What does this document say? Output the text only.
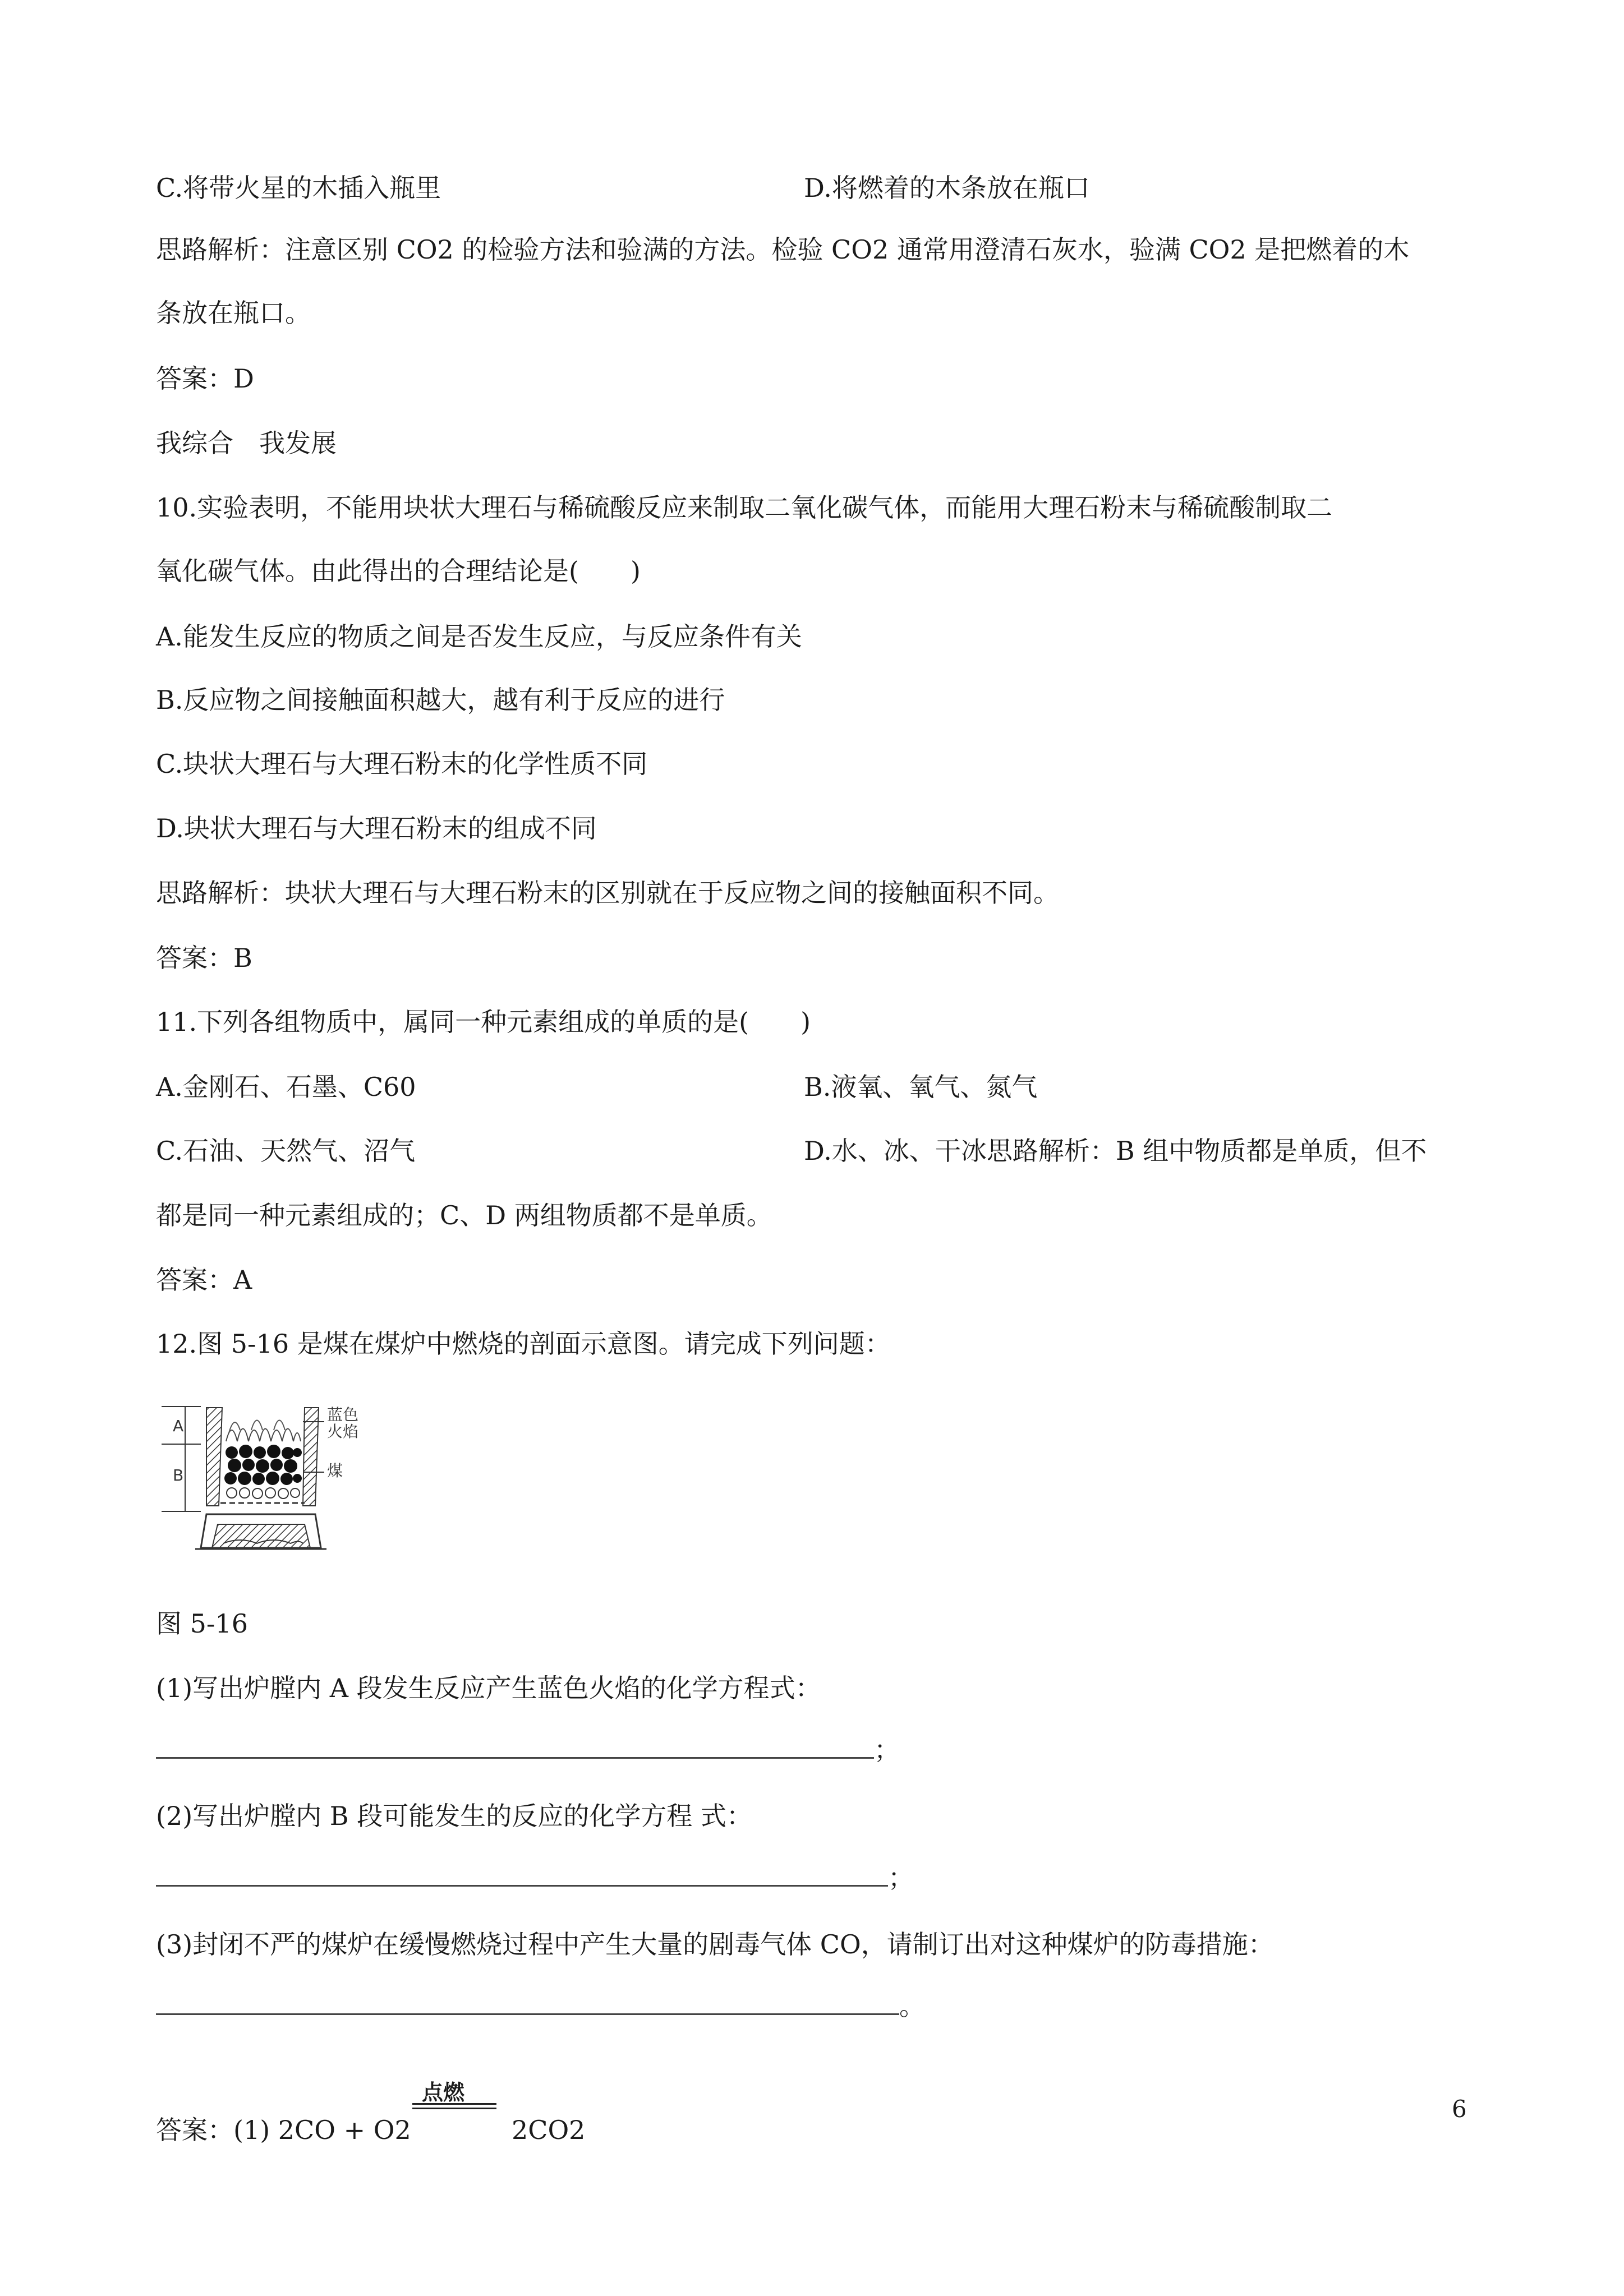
C.将带火星的木插入瓶里	D.将燃着的木条放在瓶口
思路解析：注意区别 CO2 的检验方法和验满的方法。检验 CO2 通常用澄清石灰水，验满 CO2 是把燃着的木
条放在瓶口。
答案：D
我综合　我发展
10.实验表明，不能用块状大理石与稀硫酸反应来制取二氧化碳气体，而能用大理石粉末与稀硫酸制取二
氧化碳气体。由此得出的合理结论是(　　)
A.能发生反应的物质之间是否发生反应，与反应条件有关
B.反应物之间接触面积越大，越有利于反应的进行
C.块状大理石与大理石粉末的化学性质不同
D.块状大理石与大理石粉末的组成不同
思路解析：块状大理石与大理石粉末的区别就在于反应物之间的接触面积不同。
答案：B
11.下列各组物质中，属同一种元素组成的单质的是(　　)
A.金刚石、石墨、C60	B.液氧、氧气、氮气
C.石油、天然气、沼气	D.水、冰、干冰思路解析：B 组中物质都是单质，但不
都是同一种元素组成的；C、D 两组物质都不是单质。
答案：A
12.图 5-16 是煤在煤炉中燃烧的剖面示意图。请完成下列问题：
A
B
蓝色
火焰
煤
图 5-16
(1)写出炉膛内 A 段发生反应产生蓝色火焰的化学方程式：
；
(2)写出炉膛内 B 段可能发生的反应的化学方程 式：
；
(3)封闭不严的煤炉在缓慢燃烧过程中产生大量的剧毒气体 CO，请制订出对这种煤炉的防毒措施：
。
点燃
答案：(1) 2CO + O2	2CO2
6
